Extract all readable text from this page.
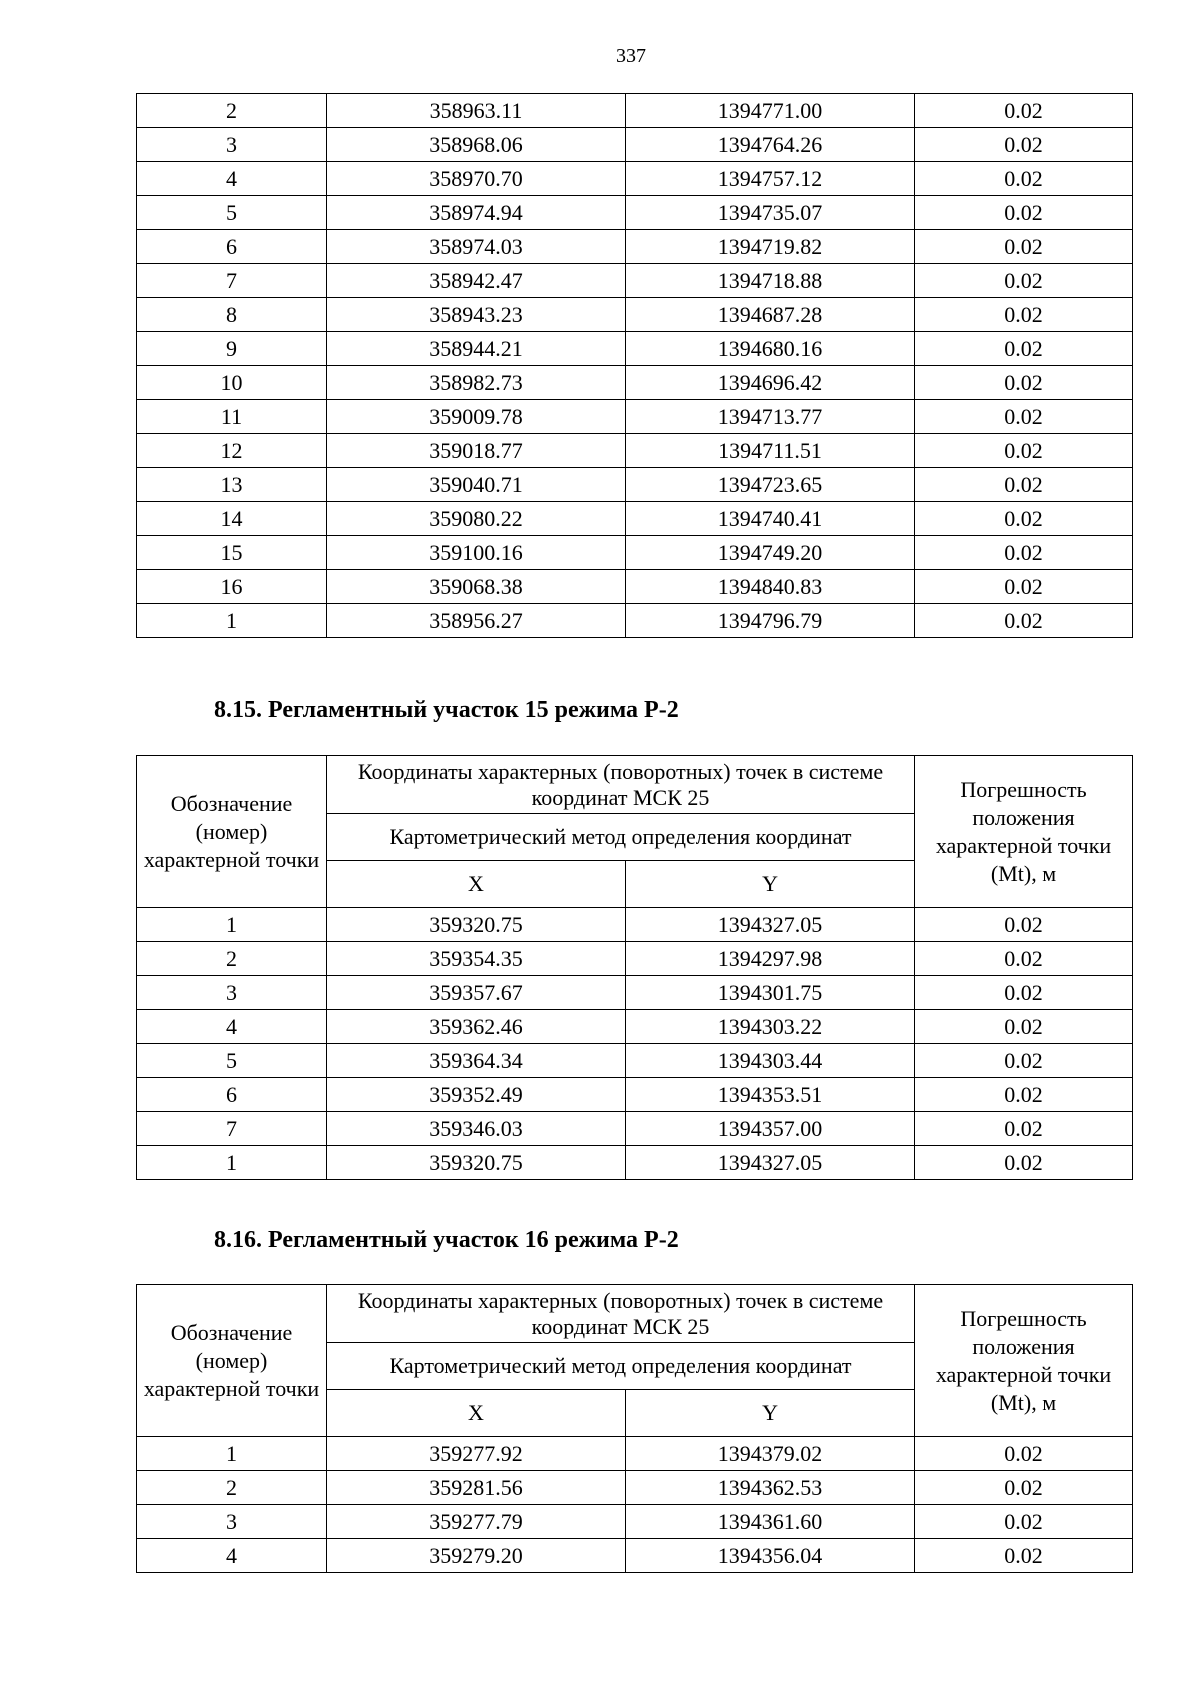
337
2	358963.11	1394771.00	0.02
3	358968.06	1394764.26	0.02
4	358970.70	1394757.12	0.02
5	358974.94	1394735.07	0.02
6	358974.03	1394719.82	0.02
7	358942.47	1394718.88	0.02
8	358943.23	1394687.28	0.02
9	358944.21	1394680.16	0.02
10	358982.73	1394696.42	0.02
11	359009.78	1394713.77	0.02
12	359018.77	1394711.51	0.02
13	359040.71	1394723.65	0.02
14	359080.22	1394740.41	0.02
15	359100.16	1394749.20	0.02
16	359068.38	1394840.83	0.02
1	358956.27	1394796.79	0.02
8.15. Регламентный участок 15 режима Р-2
Обозначение (номер) характерной точки	Координаты характерных (поворотных) точек в системе координат МСК 25		Погрешность положения характерной точки (Mt), м
	Картометрический метод определения координат		
	X	Y	
1	359320.75	1394327.05	0.02
2	359354.35	1394297.98	0.02
3	359357.67	1394301.75	0.02
4	359362.46	1394303.22	0.02
5	359364.34	1394303.44	0.02
6	359352.49	1394353.51	0.02
7	359346.03	1394357.00	0.02
1	359320.75	1394327.05	0.02
8.16. Регламентный участок 16 режима Р-2
Обозначение (номер) характерной точки	Координаты характерных (поворотных) точек в системе координат МСК 25		Погрешность положения характерной точки (Mt), м
	Картометрический метод определения координат		
	X	Y	
1	359277.92	1394379.02	0.02
2	359281.56	1394362.53	0.02
3	359277.79	1394361.60	0.02
4	359279.20	1394356.04	0.02
